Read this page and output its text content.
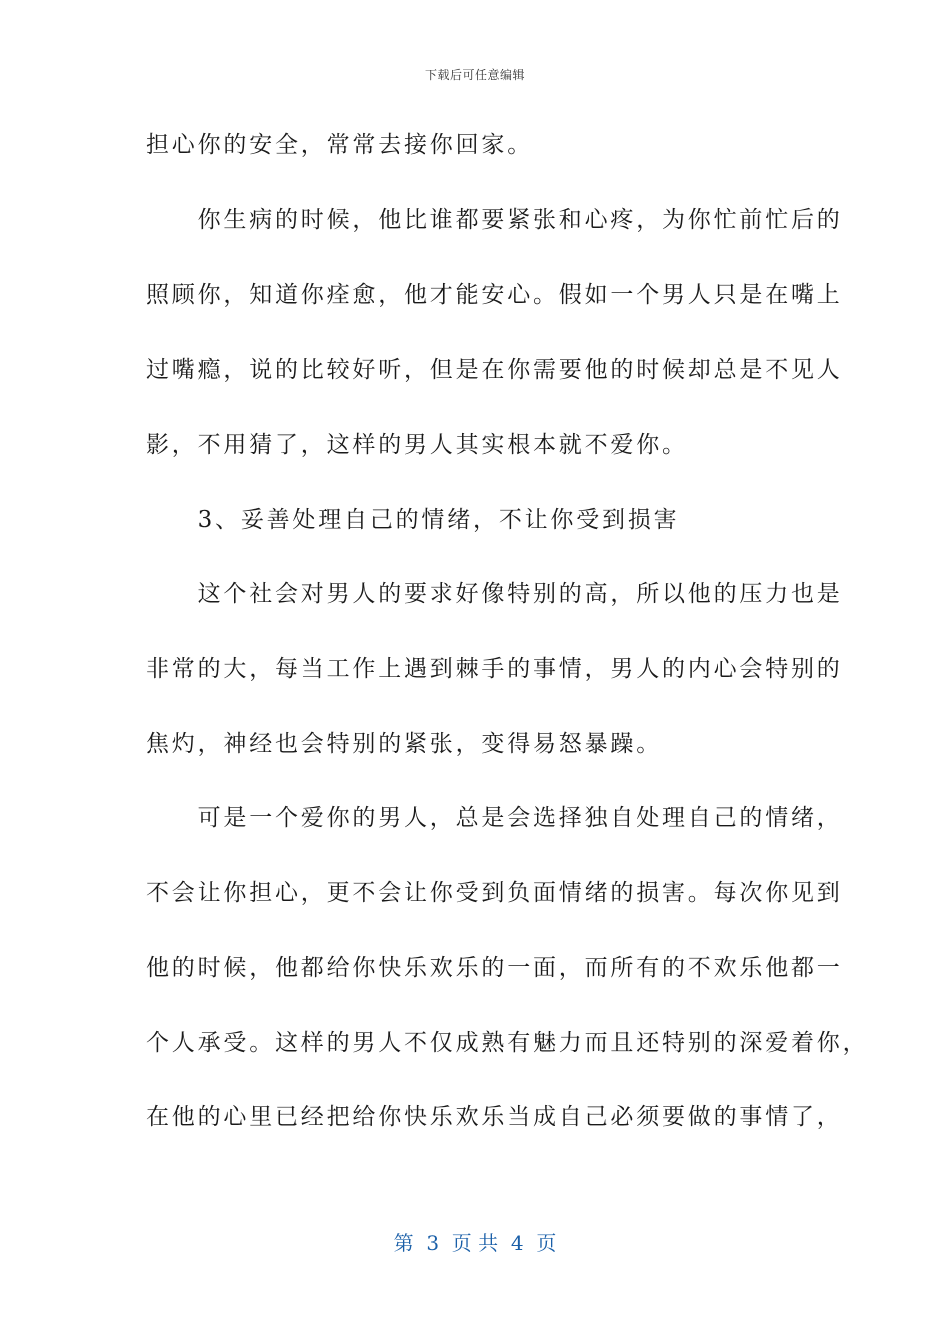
下载后可任意编辑
担心你的安全，常常去接你回家。
　　你生病的时候，他比谁都要紧张和心疼，为你忙前忙后的
照顾你，知道你痊愈，他才能安心。假如一个男人只是在嘴上
过嘴瘾，说的比较好听，但是在你需要他的时候却总是不见人
影，不用猜了，这样的男人其实根本就不爱你。
　　3、妥善处理自己的情绪，不让你受到损害
　　这个社会对男人的要求好像特别的高，所以他的压力也是
非常的大，每当工作上遇到棘手的事情，男人的内心会特别的
焦灼，神经也会特别的紧张，变得易怒暴躁。
　　可是一个爱你的男人，总是会选择独自处理自己的情绪，
不会让你担心，更不会让你受到负面情绪的损害。每次你见到
他的时候，他都给你快乐欢乐的一面，而所有的不欢乐他都一
个人承受。这样的男人不仅成熟有魅力而且还特别的深爱着你，
在他的心里已经把给你快乐欢乐当成自己必须要做的事情了，
第  3  页 共  4  页
